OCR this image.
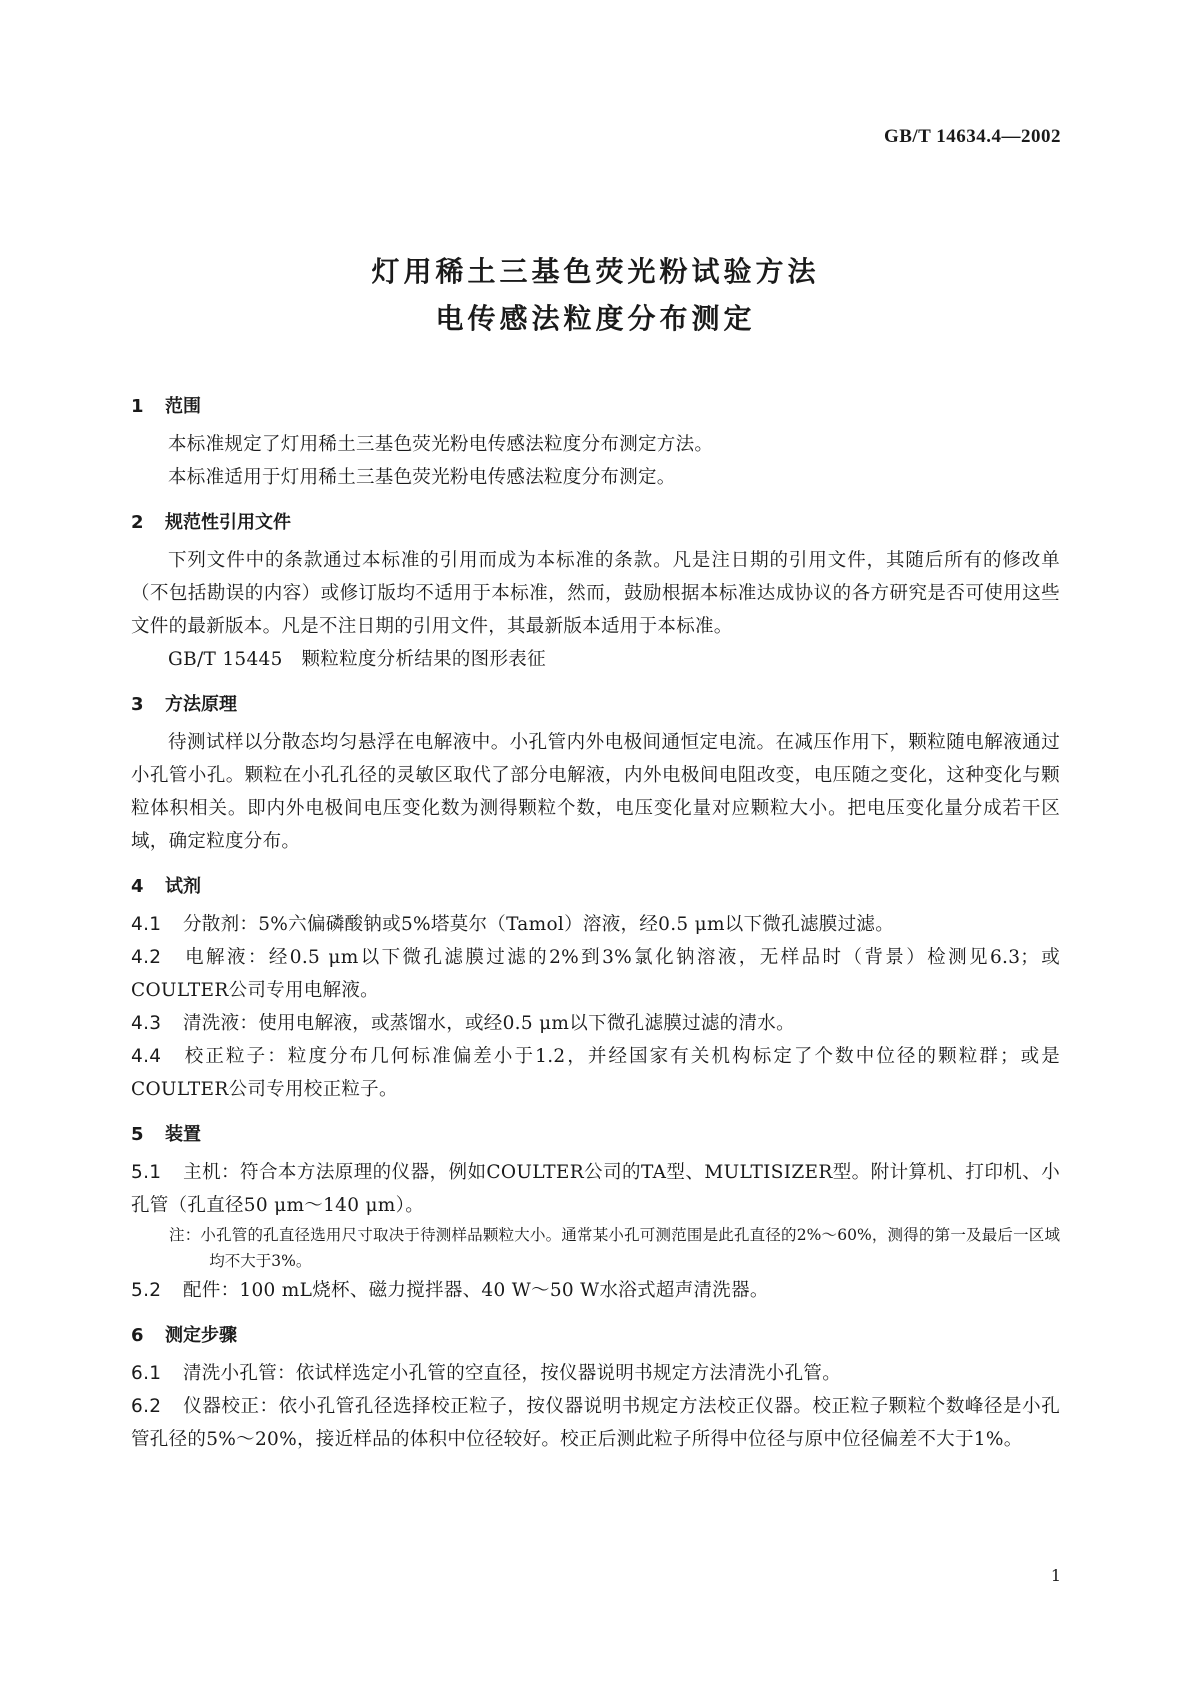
GB/T 14634.4—2002
灯用稀土三基色荧光粉试验方法
电传感法粒度分布测定
1 范围

本标准规定了灯用稀土三基色荧光粉电传感法粒度分布测定方法。

本标准适用于灯用稀土三基色荧光粉电传感法粒度分布测定。

2 规范性引用文件

下列文件中的条款通过本标准的引用而成为本标准的条款。凡是注日期的引用文件，其随后所有的修改单（不包括勘误的内容）或修订版均不适用于本标准，然而，鼓励根据本标准达成协议的各方研究是否可使用这些文件的最新版本。凡是不注日期的引用文件，其最新版本适用于本标准。

GB/T 15445　颗粒粒度分析结果的图形表征

3 方法原理

待测试样以分散态均匀悬浮在电解液中。小孔管内外电极间通恒定电流。在减压作用下，颗粒随电解液通过小孔管小孔。颗粒在小孔孔径的灵敏区取代了部分电解液，内外电极间电阻改变，电压随之变化，这种变化与颗粒体积相关。即内外电极间电压变化数为测得颗粒个数，电压变化量对应颗粒大小。把电压变化量分成若干区域，确定粒度分布。

4 试剂

4.1 分散剂：5%六偏磷酸钠或5%塔莫尔（Tamol）溶液，经0.5 μm以下微孔滤膜过滤。

4.2 电解液：经0.5 μm以下微孔滤膜过滤的2%到3%氯化钠溶液，无样品时（背景）检测见6.3；或COULTER公司专用电解液。

4.3 清洗液：使用电解液，或蒸馏水，或经0.5 μm以下微孔滤膜过滤的清水。

4.4 校正粒子：粒度分布几何标准偏差小于1.2，并经国家有关机构标定了个数中位径的颗粒群；或是COULTER公司专用校正粒子。

5 装置

5.1 主机：符合本方法原理的仪器，例如COULTER公司的TA型、MULTISIZER型。附计算机、打印机、小孔管（孔直径50 μm～140 μm）。

注：小孔管的孔直径选用尺寸取决于待测样品颗粒大小。通常某小孔可测范围是此孔直径的2%～60%，测得的第一及最后一区域均不大于3%。

5.2 配件：100 mL烧杯、磁力搅拌器、40 W～50 W水浴式超声清洗器。

6 测定步骤

6.1 清洗小孔管：依试样选定小孔管的空直径，按仪器说明书规定方法清洗小孔管。

6.2 仪器校正：依小孔管孔径选择校正粒子，按仪器说明书规定方法校正仪器。校正粒子颗粒个数峰径是小孔管孔径的5%～20%，接近样品的体积中位径较好。校正后测此粒子所得中位径与原中位径偏差不大于1%。

1
